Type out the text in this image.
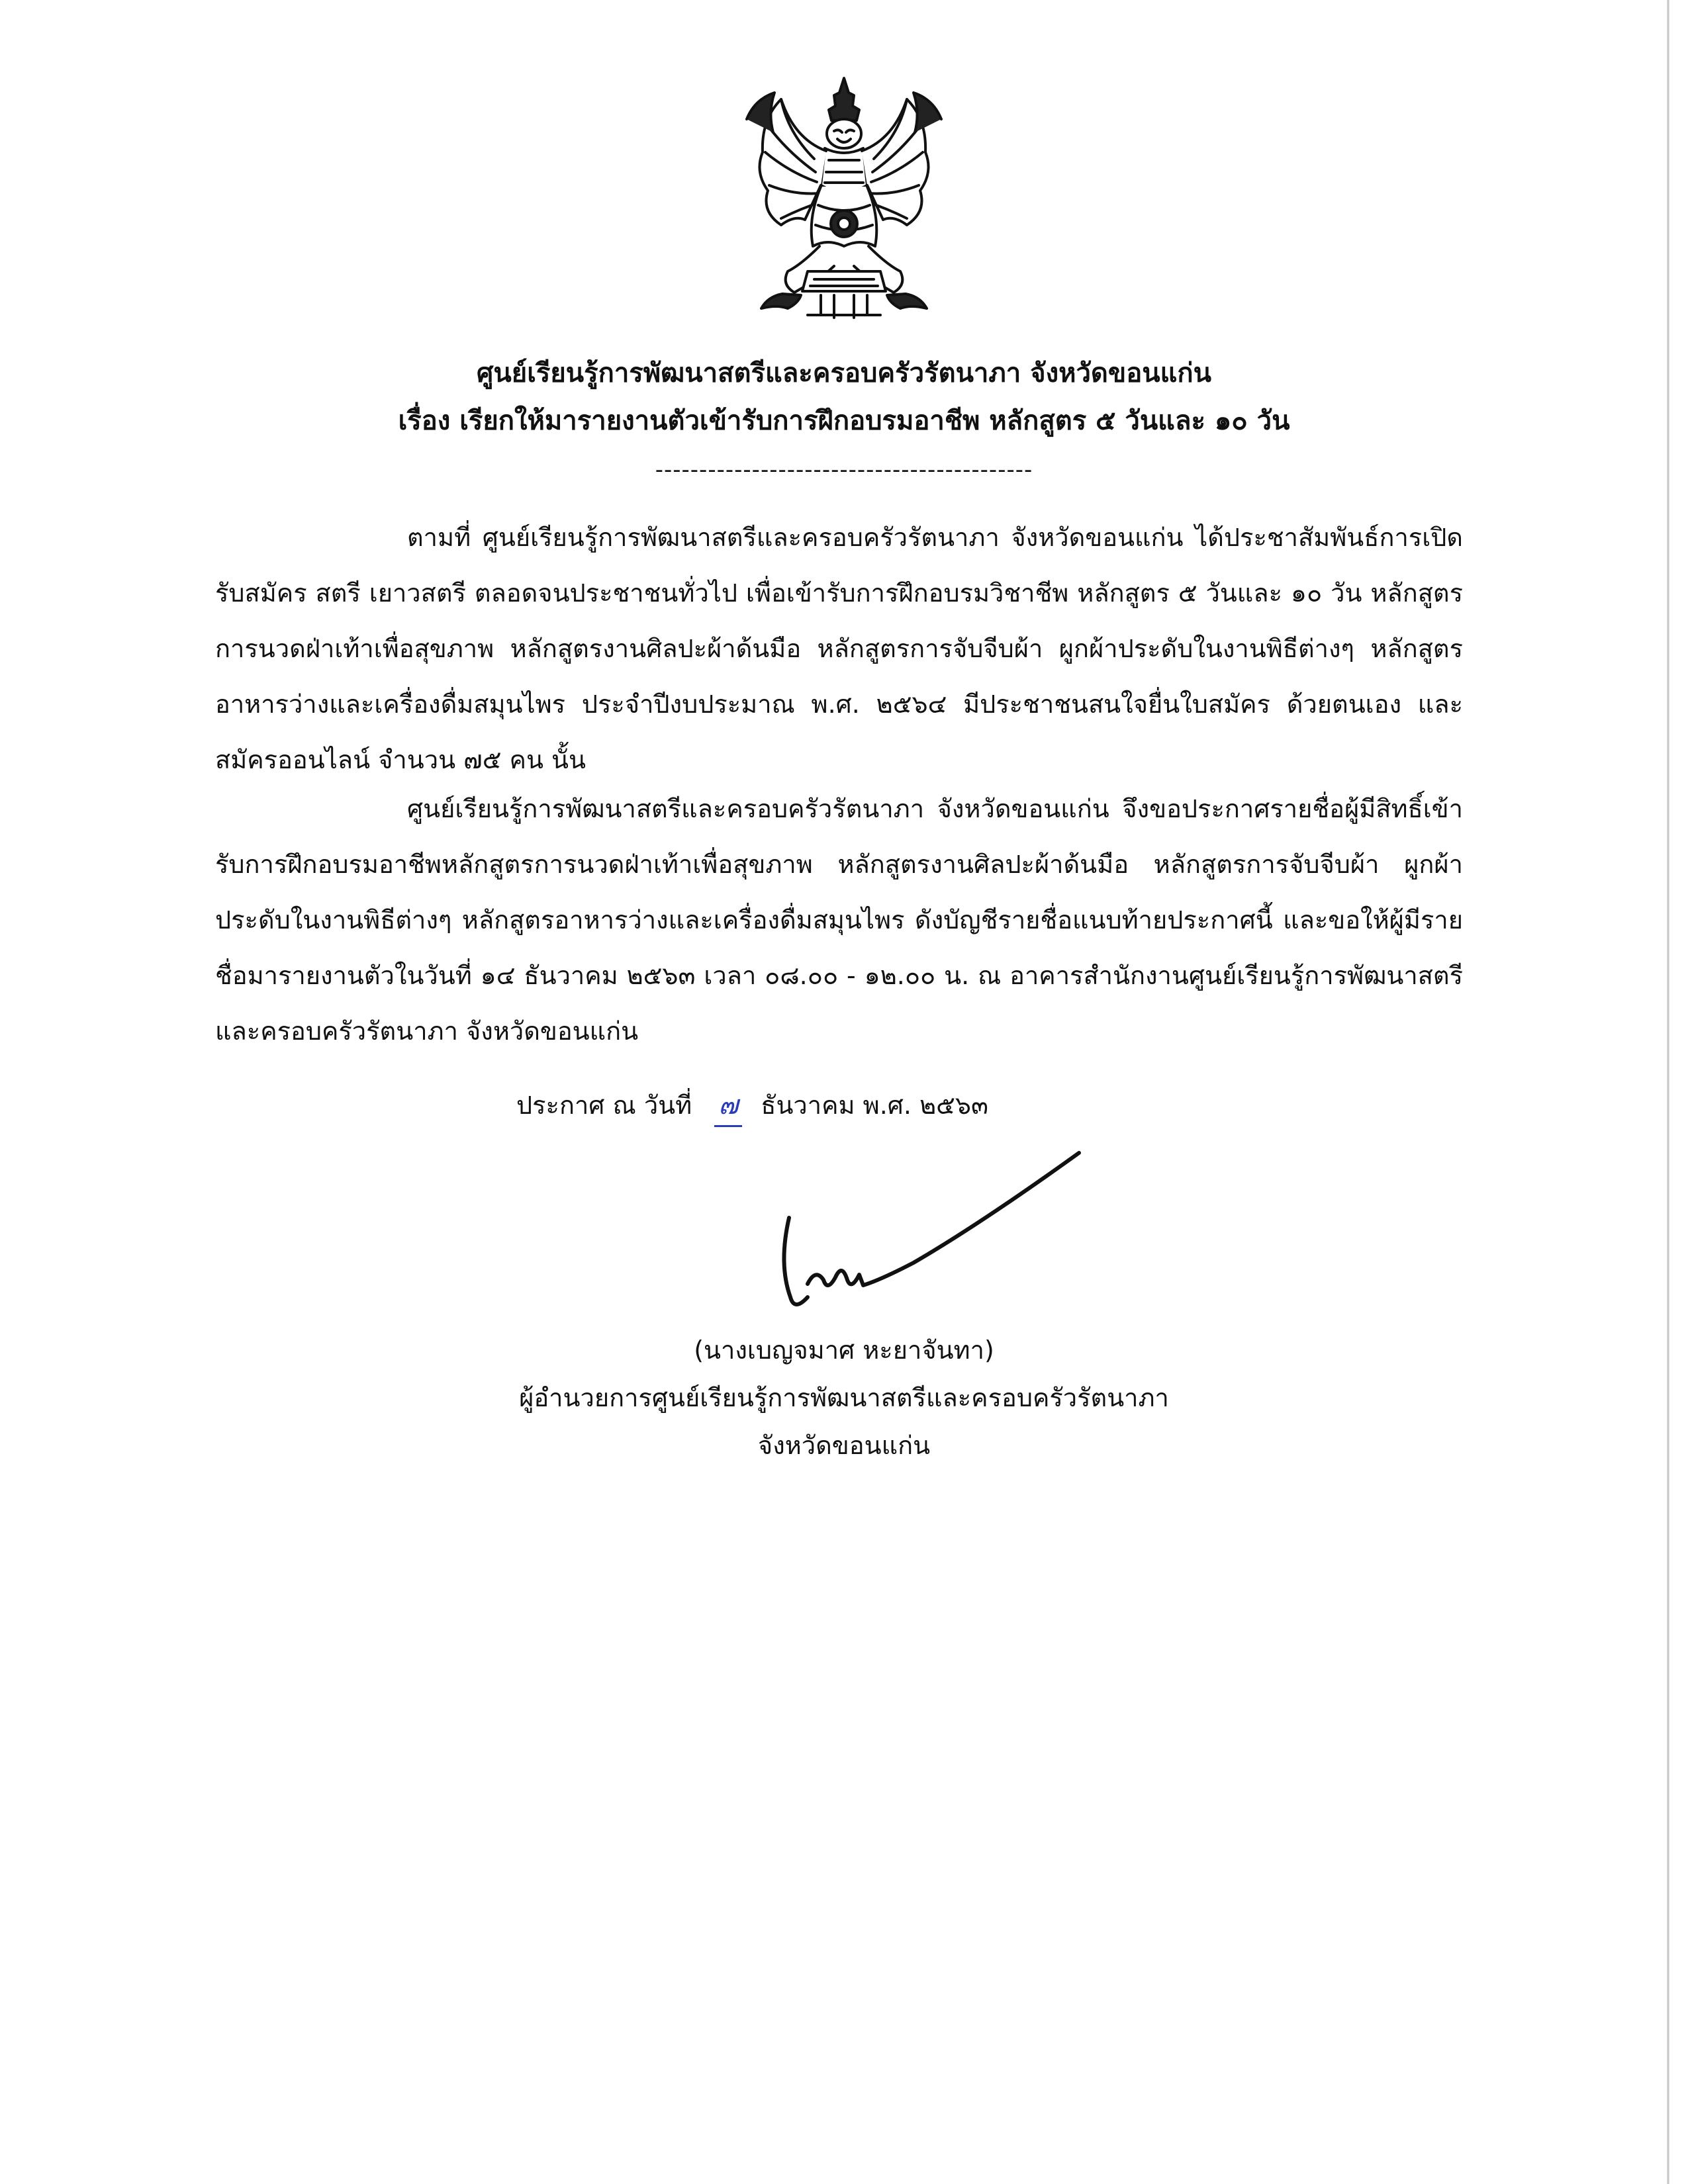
ศูนย์เรียนรู้การพัฒนาสตรีและครอบครัวรัตนาภา จังหวัดขอนแก่น
เรื่อง เรียกให้มารายงานตัวเข้ารับการฝึกอบรมอาชีพ หลักสูตร ๕ วันและ ๑๐ วัน
-------------------------------------------

ตามที่ ศูนย์เรียนรู้การพัฒนาสตรีและครอบครัวรัตนาภา จังหวัดขอนแก่น ได้ประชาสัมพันธ์การเปิดรับสมัคร สตรี เยาวสตรี ตลอดจนประชาชนทั่วไป เพื่อเข้ารับการฝึกอบรมวิชาชีพ หลักสูตร ๕ วันและ ๑๐ วัน หลักสูตรการนวดฝ่าเท้าเพื่อสุขภาพ หลักสูตรงานศิลปะผ้าด้นมือ หลักสูตรการจับจีบผ้า ผูกผ้าประดับในงานพิธีต่างๆ หลักสูตรอาหารว่างและเครื่องดื่มสมุนไพร ประจำปีงบประมาณ พ.ศ. ๒๕๖๔ มีประชาชนสนใจยื่นใบสมัคร ด้วยตนเอง และสมัครออนไลน์ จำนวน ๗๕ คน นั้น

ศูนย์เรียนรู้การพัฒนาสตรีและครอบครัวรัตนาภา จังหวัดขอนแก่น จึงขอประกาศรายชื่อผู้มีสิทธิ์เข้ารับการฝึกอบรมอาชีพหลักสูตรการนวดฝ่าเท้าเพื่อสุขภาพ หลักสูตรงานศิลปะผ้าด้นมือ หลักสูตรการจับจีบผ้า ผูกผ้าประดับในงานพิธีต่างๆ หลักสูตรอาหารว่างและเครื่องดื่มสมุนไพร ดังบัญชีรายชื่อแนบท้ายประกาศนี้ และขอให้ผู้มีรายชื่อมารายงานตัวในวันที่ ๑๔ ธันวาคม ๒๕๖๓ เวลา ๐๘.๐๐ - ๑๒.๐๐ น. ณ อาคารสำนักงานศูนย์เรียนรู้การพัฒนาสตรีและครอบครัวรัตนาภา จังหวัดขอนแก่น

ประกาศ ณ วันที่ ๗ ธันวาคม พ.ศ. ๒๕๖๓
(นางเบญจมาศ หะยาจันทา)
ผู้อำนวยการศูนย์เรียนรู้การพัฒนาสตรีและครอบครัวรัตนาภา
จังหวัดขอนแก่น
